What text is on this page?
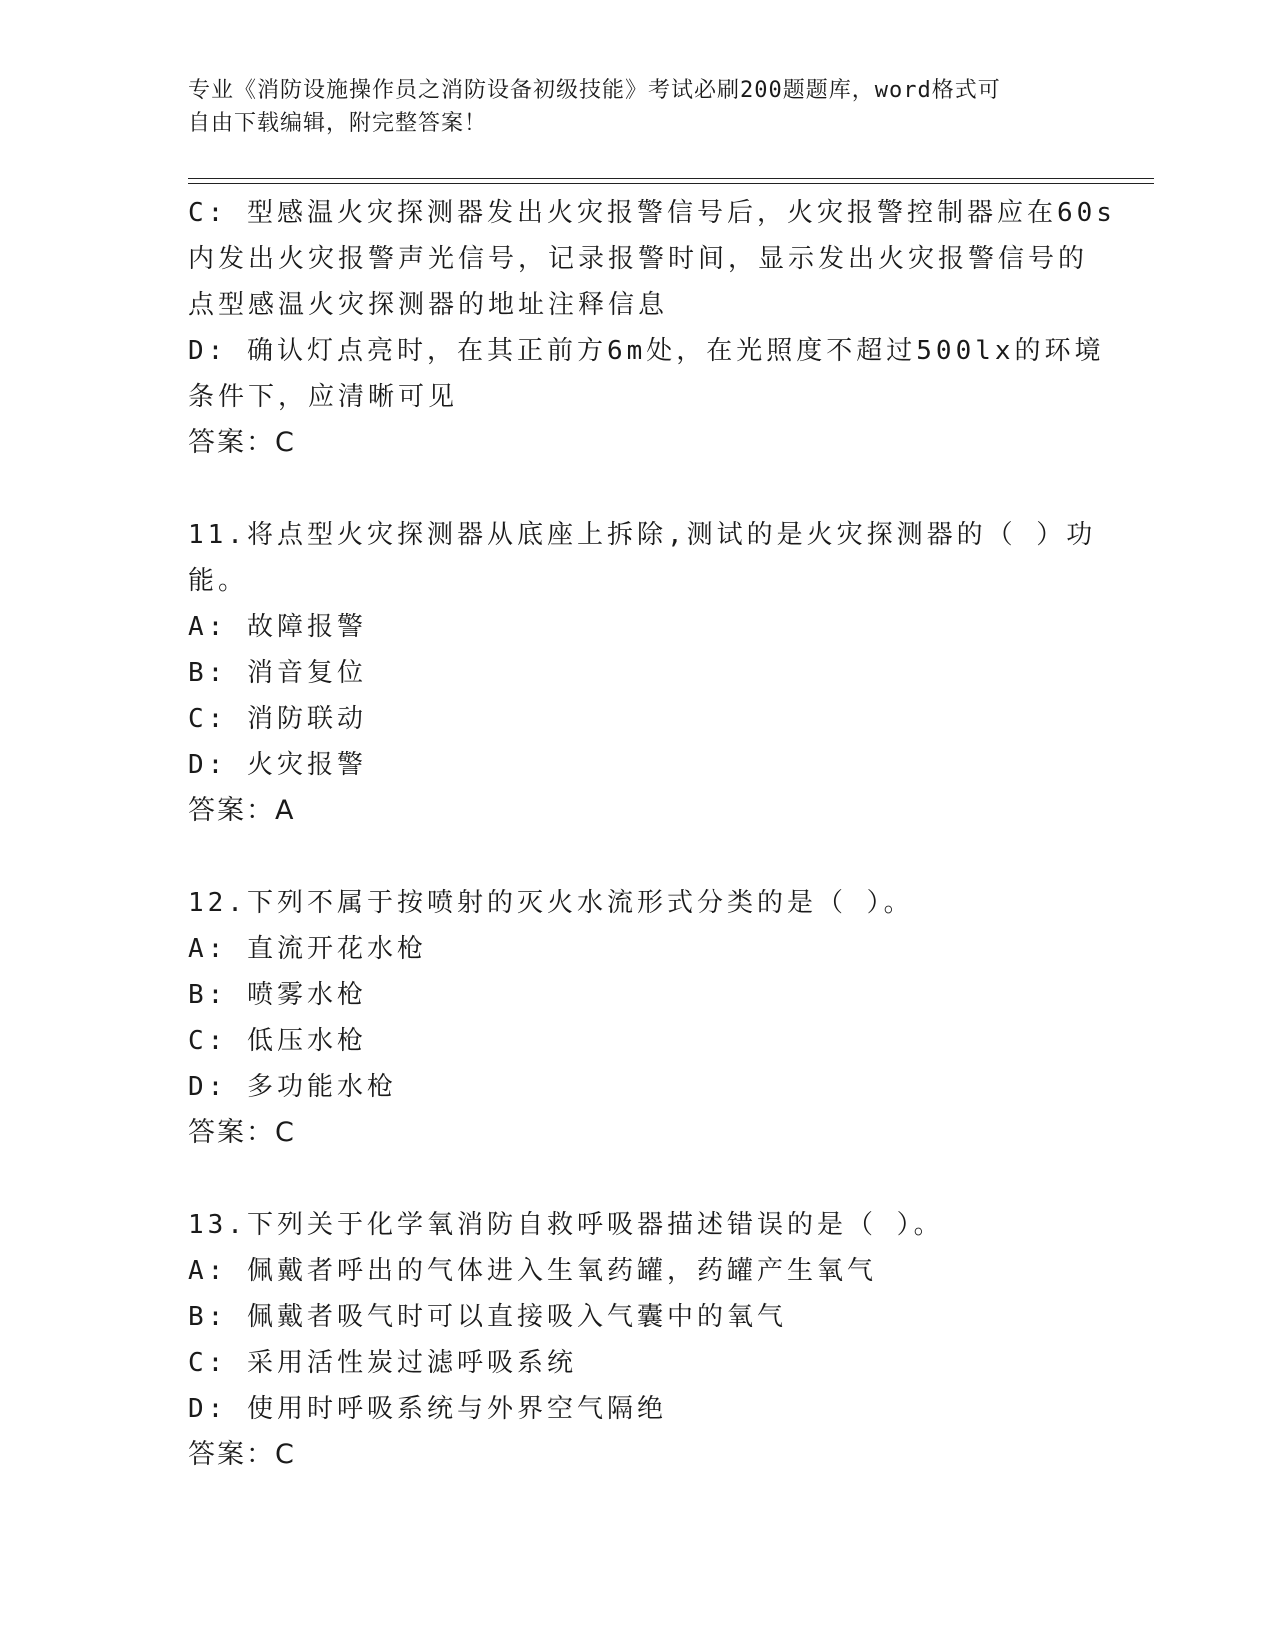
专业《消防设施操作员之消防设备初级技能》考试必刷200题题库，word格式可
自由下载编辑，附完整答案！
C: 型感温火灾探测器发出火灾报警信号后，火灾报警控制器应在60s
内发出火灾报警声光信号，记录报警时间，显示发出火灾报警信号的
点型感温火灾探测器的地址注释信息
D: 确认灯点亮时，在其正前方6m处，在光照度不超过500lx的环境
条件下，应清晰可见
答案：C
11.将点型火灾探测器从底座上拆除,测试的是火灾探测器的（ ）功
能。
A: 故障报警
B: 消音复位
C: 消防联动
D: 火灾报警
答案：A
12.下列不属于按喷射的灭火水流形式分类的是（ ）。
A: 直流开花水枪
B: 喷雾水枪
C: 低压水枪
D: 多功能水枪
答案：C
13.下列关于化学氧消防自救呼吸器描述错误的是（ ）。
A: 佩戴者呼出的气体进入生氧药罐，药罐产生氧气
B: 佩戴者吸气时可以直接吸入气囊中的氧气
C: 采用活性炭过滤呼吸系统
D: 使用时呼吸系统与外界空气隔绝
答案：C
